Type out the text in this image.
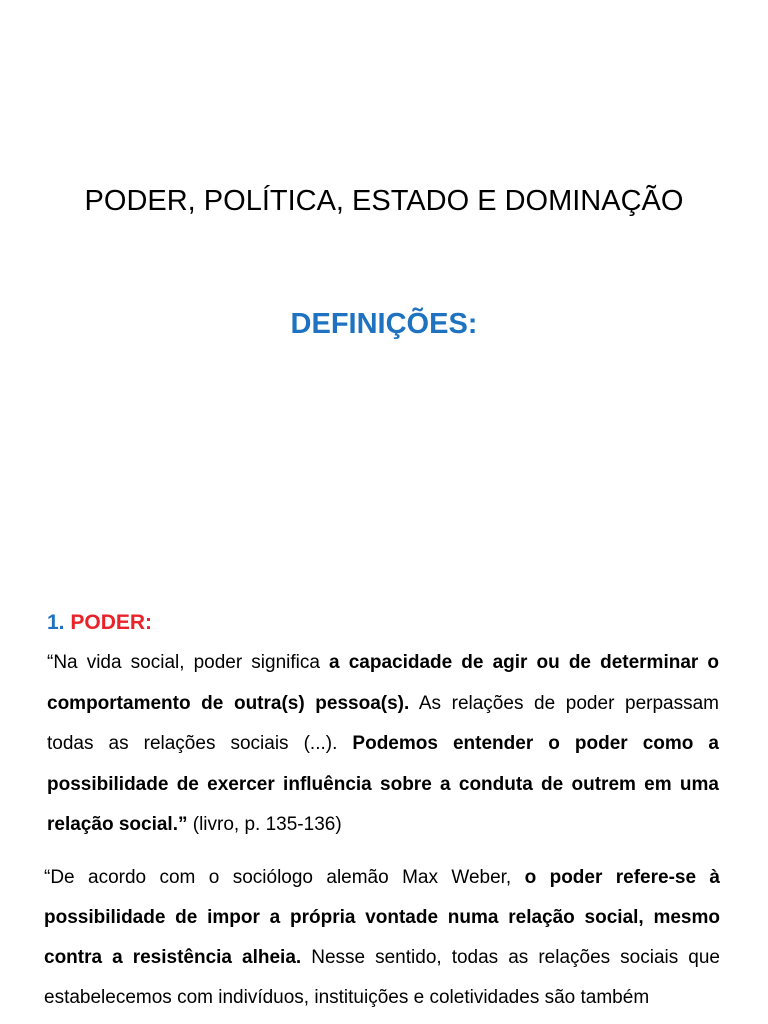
PODER, POLÍTICA, ESTADO E DOMINAÇÃO
DEFINIÇÕES:
1. PODER:

“Na vida social, poder significa a capacidade de agir ou de determinar o comportamento de outra(s) pessoa(s). As relações de poder perpassam todas as relações sociais (...). Podemos entender o poder como a possibilidade de exercer influência sobre a conduta de outrem em uma relação social.” (livro, p. 135-136)

“De acordo com o sociólogo alemão Max Weber, o poder refere-se à possibilidade de impor a própria vontade numa relação social, mesmo contra a resistência alheia. Nesse sentido, todas as relações sociais que estabelecemos com indivíduos, instituições e coletividades são também
